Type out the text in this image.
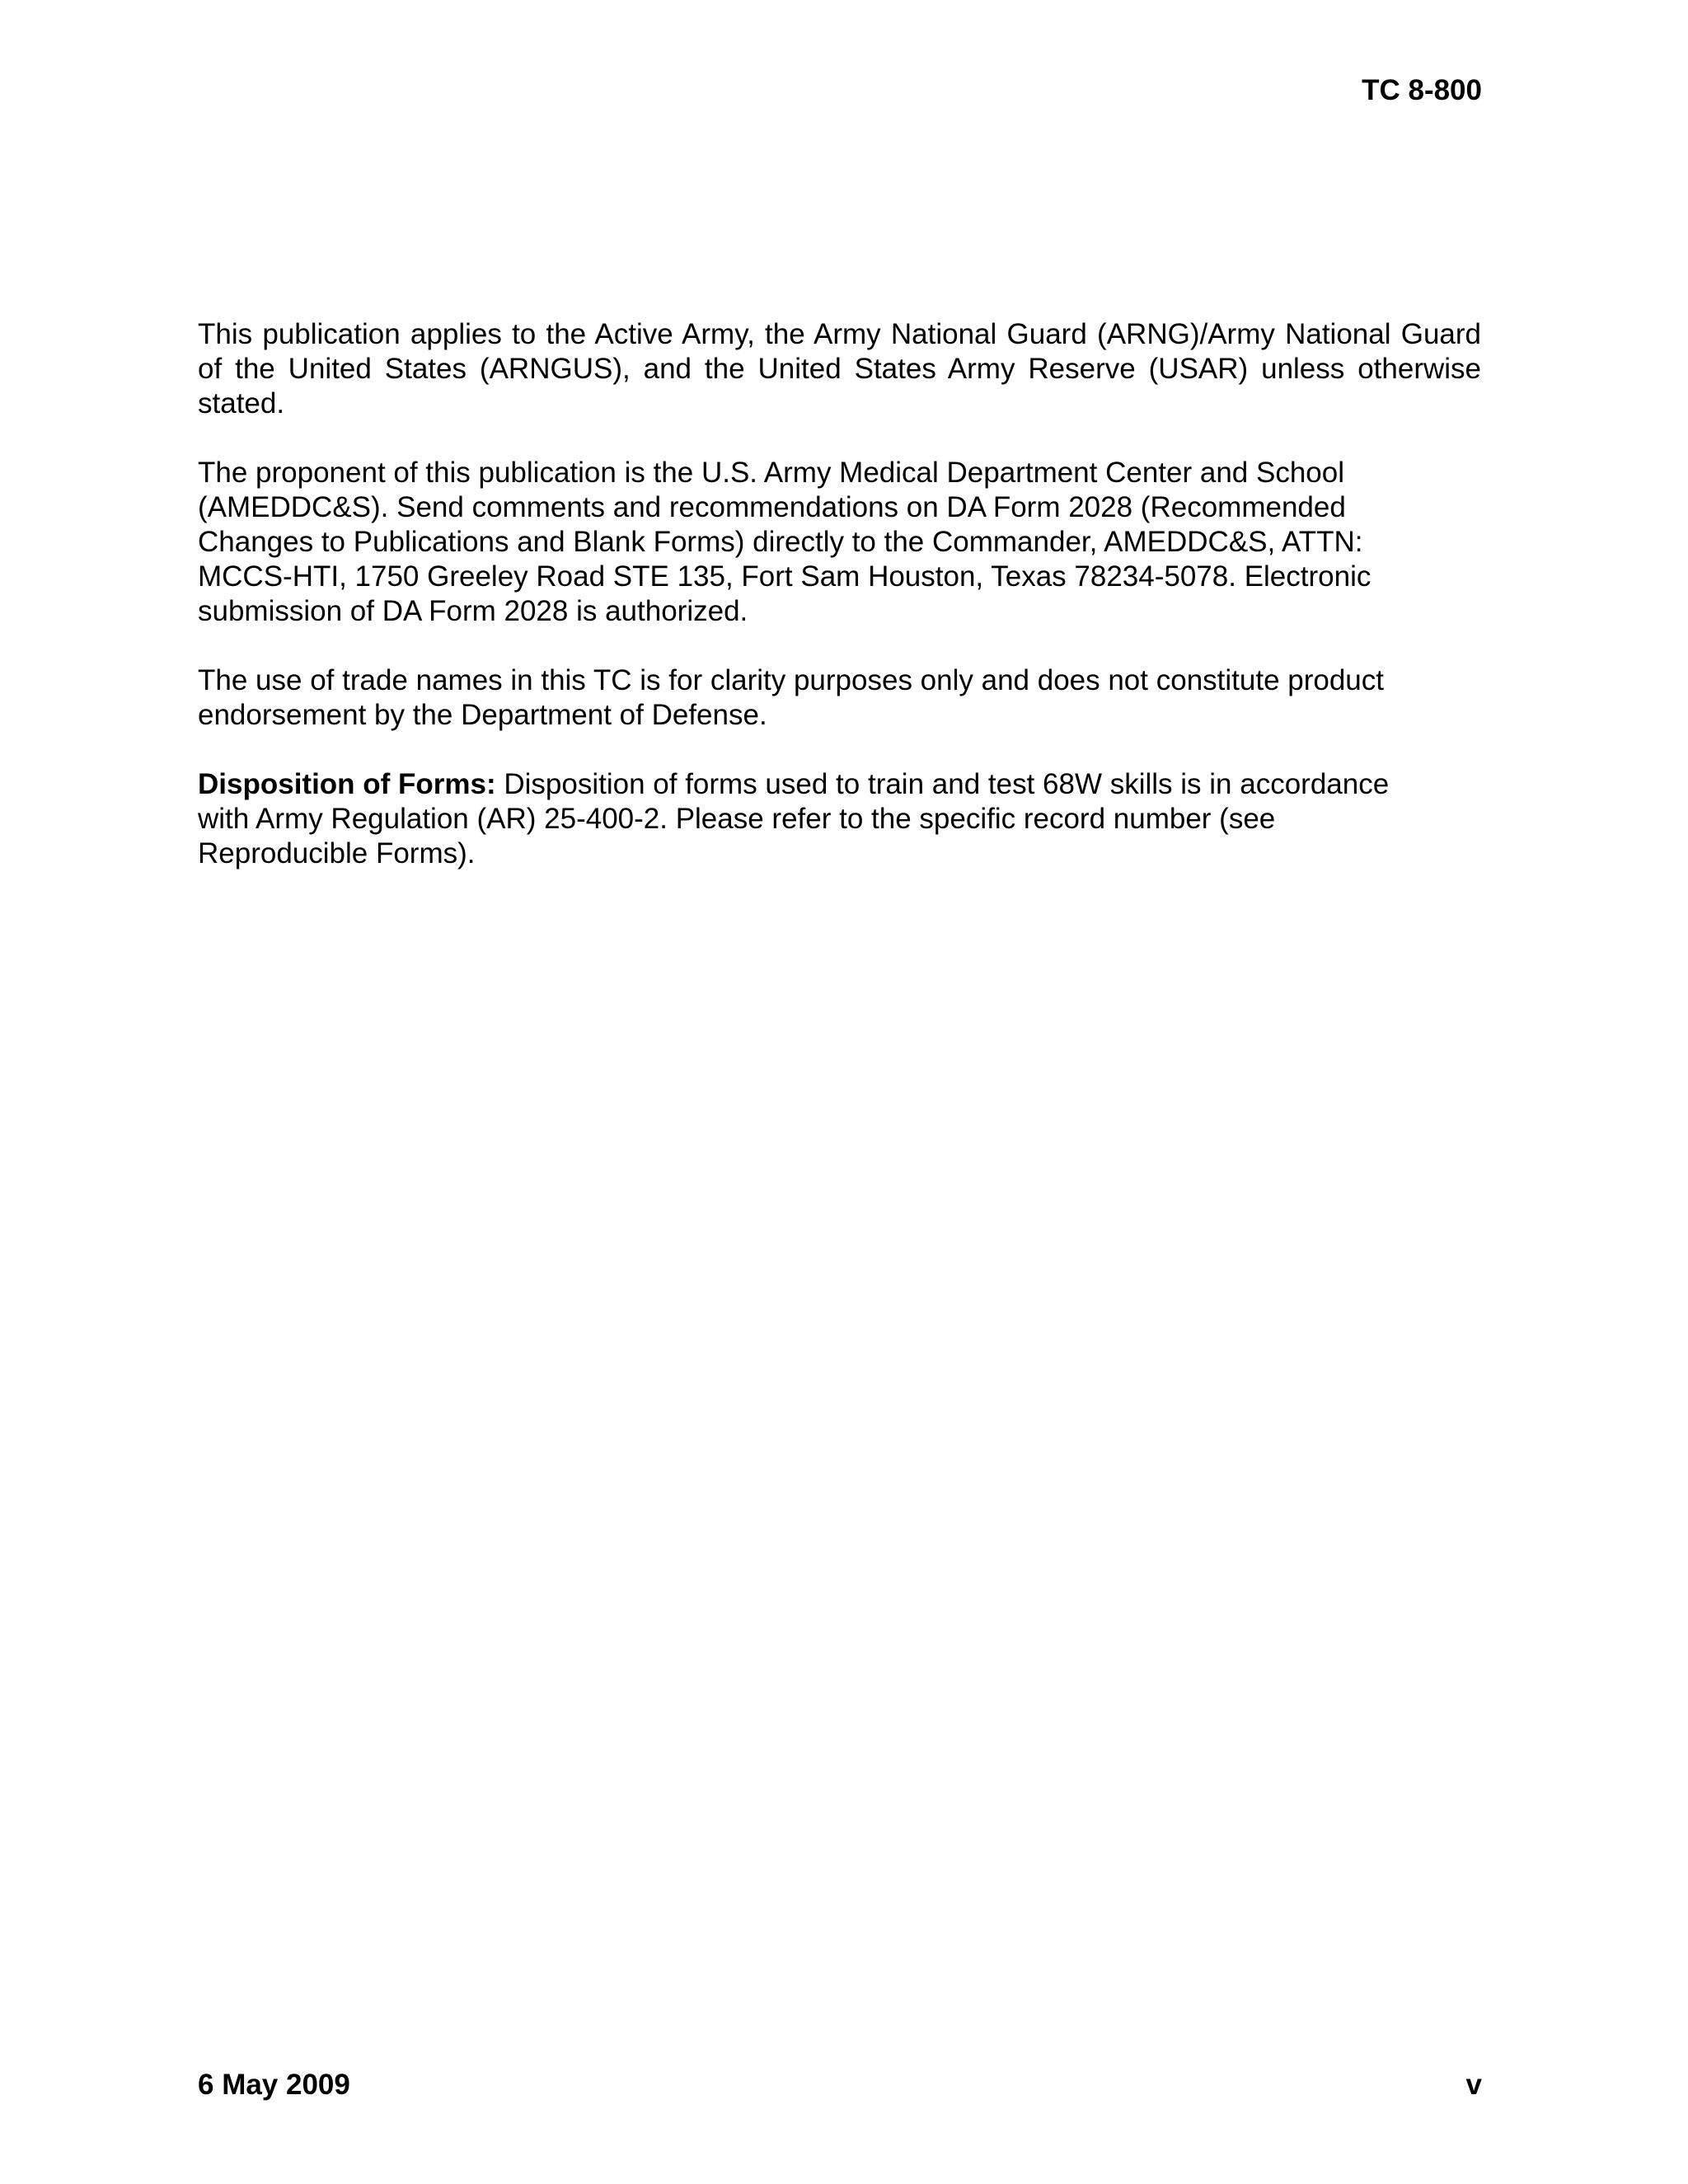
TC 8-800

This publication applies to the Active Army, the Army National Guard (ARNG)/Army National Guard of the United States (ARNGUS), and the United States Army Reserve (USAR) unless otherwise stated.

The proponent of this publication is the U.S. Army Medical Department Center and School
(AMEDDC&S). Send comments and recommendations on DA Form 2028 (Recommended
Changes to Publications and Blank Forms) directly to the Commander, AMEDDC&S, ATTN:
MCCS-HTI, 1750 Greeley Road STE 135, Fort Sam Houston, Texas 78234-5078. Electronic
submission of DA Form 2028 is authorized.

The use of trade names in this TC is for clarity purposes only and does not constitute product
endorsement by the Department of Defense.

Disposition of Forms: Disposition of forms used to train and test 68W skills is in accordance
with Army Regulation (AR) 25-400-2. Please refer to the specific record number (see
Reproducible Forms).

6 May 2009	v
